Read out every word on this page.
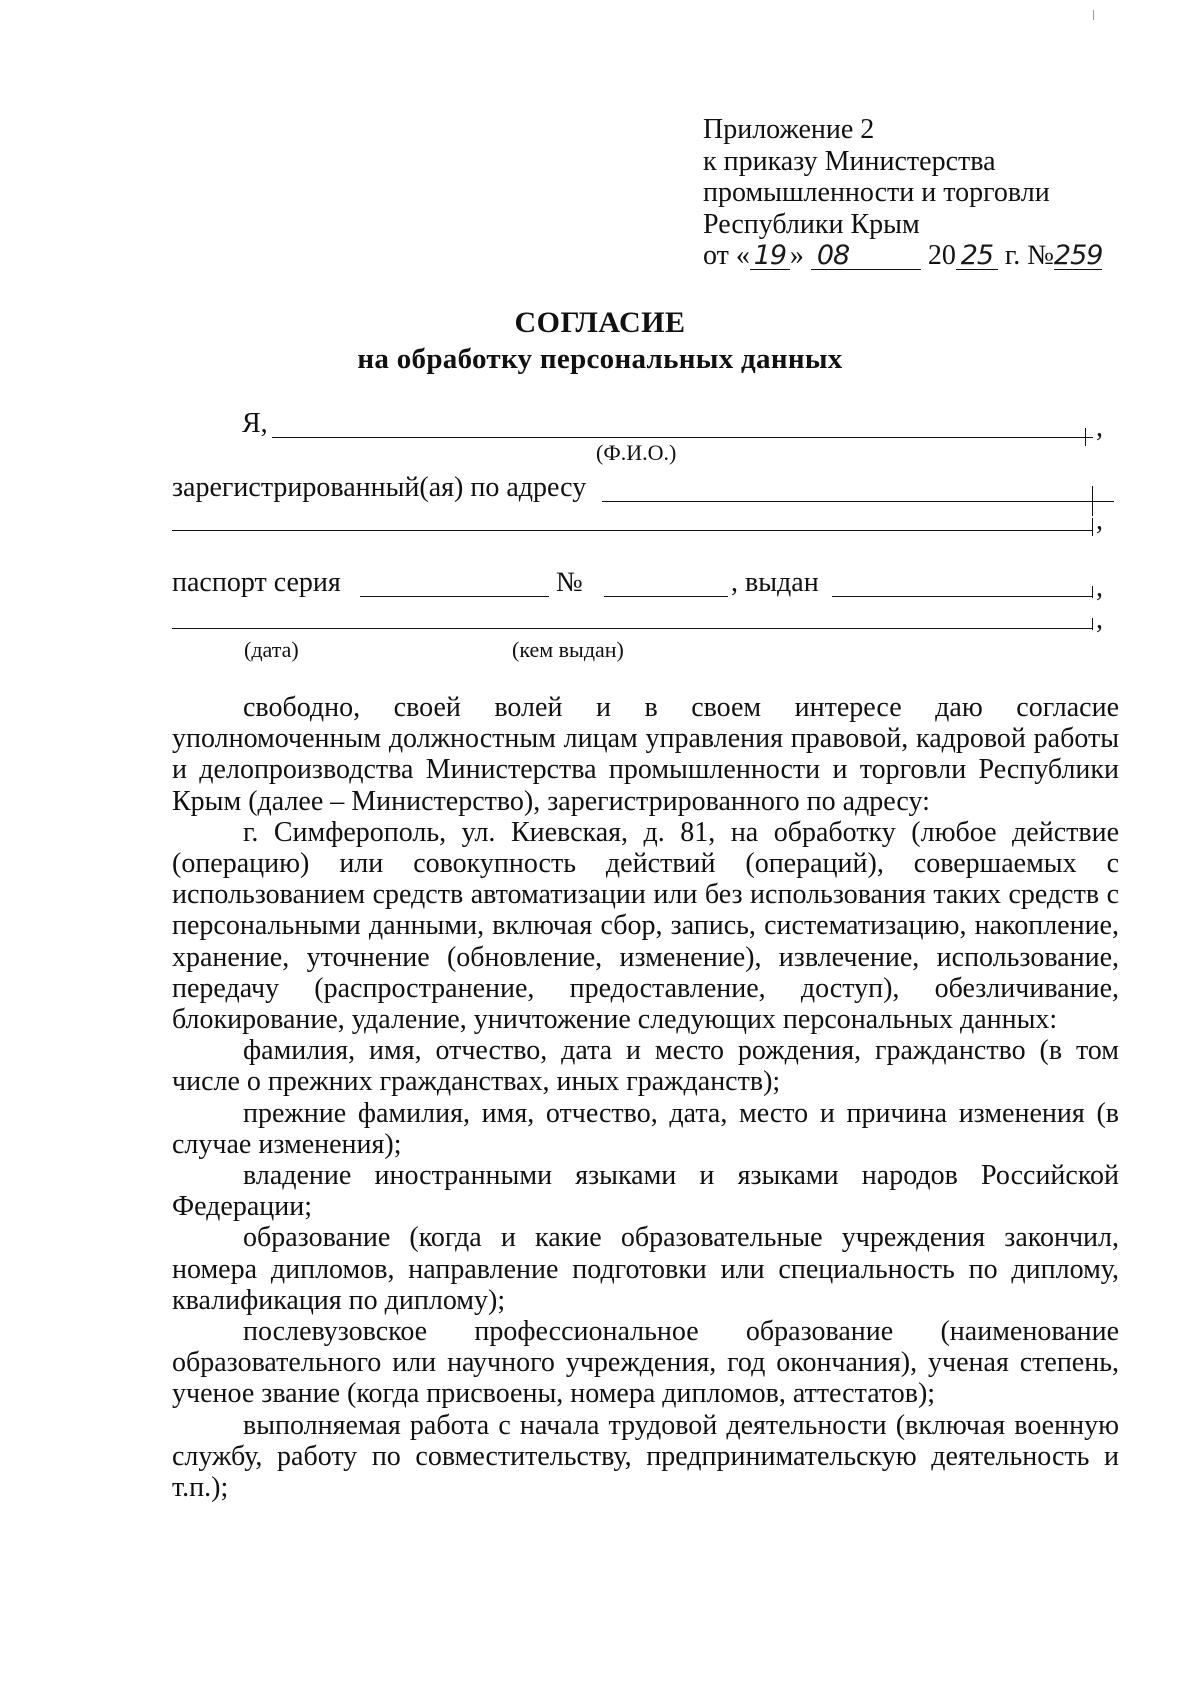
Приложение 2
к приказу Министерства
промышленности и торговли
Республики Крым
от « 19 » 08	20 25 г. №259
СОГЛАСИЕ
на обработку персональных данных
Я,	,
(Ф.И.О.)
зарегистрированный(ая) по адресу
,
паспорт серия	№	, выдан	,
,
(дата)	(кем выдан)

свободно, своей волей и в своем интересе даю согласие уполномоченным должностным лицам управления правовой, кадровой работы и делопроизводства Министерства промышленности и торговли Республики Крым (далее – Министерство), зарегистрированного по адресу:

г. Симферополь, ул. Киевская, д. 81, на обработку (любое действие (операцию) или совокупность действий (операций), совершаемых с использованием средств автоматизации или без использования таких средств с персональными данными, включая сбор, запись, систематизацию, накопление, хранение, уточнение (обновление, изменение), извлечение, использование, передачу (распространение, предоставление, доступ), обезличивание, блокирование, удаление, уничтожение следующих персональных данных:

фамилия, имя, отчество, дата и место рождения, гражданство (в том числе о прежних гражданствах, иных гражданств);

прежние фамилия, имя, отчество, дата, место и причина изменения (в случае изменения);

владение иностранными языками и языками народов Российской Федерации;

образование (когда и какие образовательные учреждения закончил, номера дипломов, направление подготовки или специальность по диплому, квалификация по диплому);

послевузовское профессиональное образование (наименование образовательного или научного учреждения, год окончания), ученая степень, ученое звание (когда присвоены, номера дипломов, аттестатов);

выполняемая работа с начала трудовой деятельности (включая военную службу, работу по совместительству, предпринимательскую деятельность и т.п.);
